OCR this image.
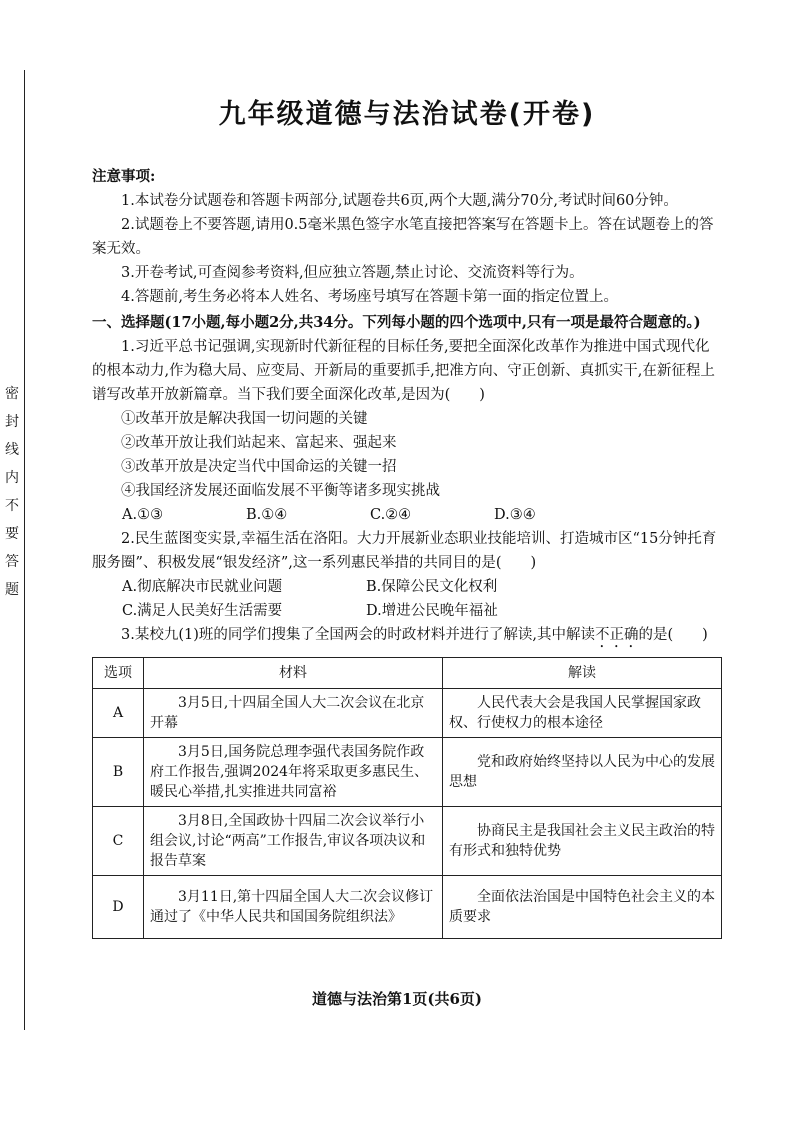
密
封
线
内
不
要
答
题
九年级道德与法治试卷(开卷)

注意事项:

1.本试卷分试题卷和答题卡两部分,试题卷共6页,两个大题,满分70分,考试时间60分钟。

2.试题卷上不要答题,请用0.5毫米黑色签字水笔直接把答案写在答题卡上。答在试题卷上的答案无效。

3.开卷考试,可查阅参考资料,但应独立答题,禁止讨论、交流资料等行为。

4.答题前,考生务必将本人姓名、考场座号填写在答题卡第一面的指定位置上。

一、选择题(17小题,每小题2分,共34分。下列每小题的四个选项中,只有一项是最符合题意的。)

1.习近平总书记强调,实现新时代新征程的目标任务,要把全面深化改革作为推进中国式现代化的根本动力,作为稳大局、应变局、开新局的重要抓手,把准方向、守正创新、真抓实干,在新征程上谱写改革开放新篇章。当下我们要全面深化改革,是因为(　　)

①改革开放是解决我国一切问题的关键

②改革开放让我们站起来、富起来、强起来

③改革开放是决定当代中国命运的关键一招

④我国经济发展还面临发展不平衡等诸多现实挑战

A.①③	B.①④	C.②④	D.③④

2.民生蓝图变实景,幸福生活在洛阳。大力开展新业态职业技能培训、打造城市区“15分钟托育服务圈”、积极发展“银发经济”,这一系列惠民举措的共同目的是(　　)

A.彻底解决市民就业问题	B.保障公民文化权利
C.满足人民美好生活需要	D.增进公民晚年福祉

3.某校九(1)班的同学们搜集了全国两会的时政材料并进行了解读,其中解读不正确的是(　　)

选项	材料	解读
A	3月5日,十四届全国人大二次会议在北京开幕	人民代表大会是我国人民掌握国家政权、行使权力的根本途径
B	3月5日,国务院总理李强代表国务院作政府工作报告,强调2024年将采取更多惠民生、暖民心举措,扎实推进共同富裕	党和政府始终坚持以人民为中心的发展思想
C	3月8日,全国政协十四届二次会议举行小组会议,讨论“两高”工作报告,审议各项决议和报告草案	协商民主是我国社会主义民主政治的特有形式和独特优势
D	3月11日,第十四届全国人大二次会议修订通过了《中华人民共和国国务院组织法》	全面依法治国是中国特色社会主义的本质要求
道德与法治第1页(共6页)
